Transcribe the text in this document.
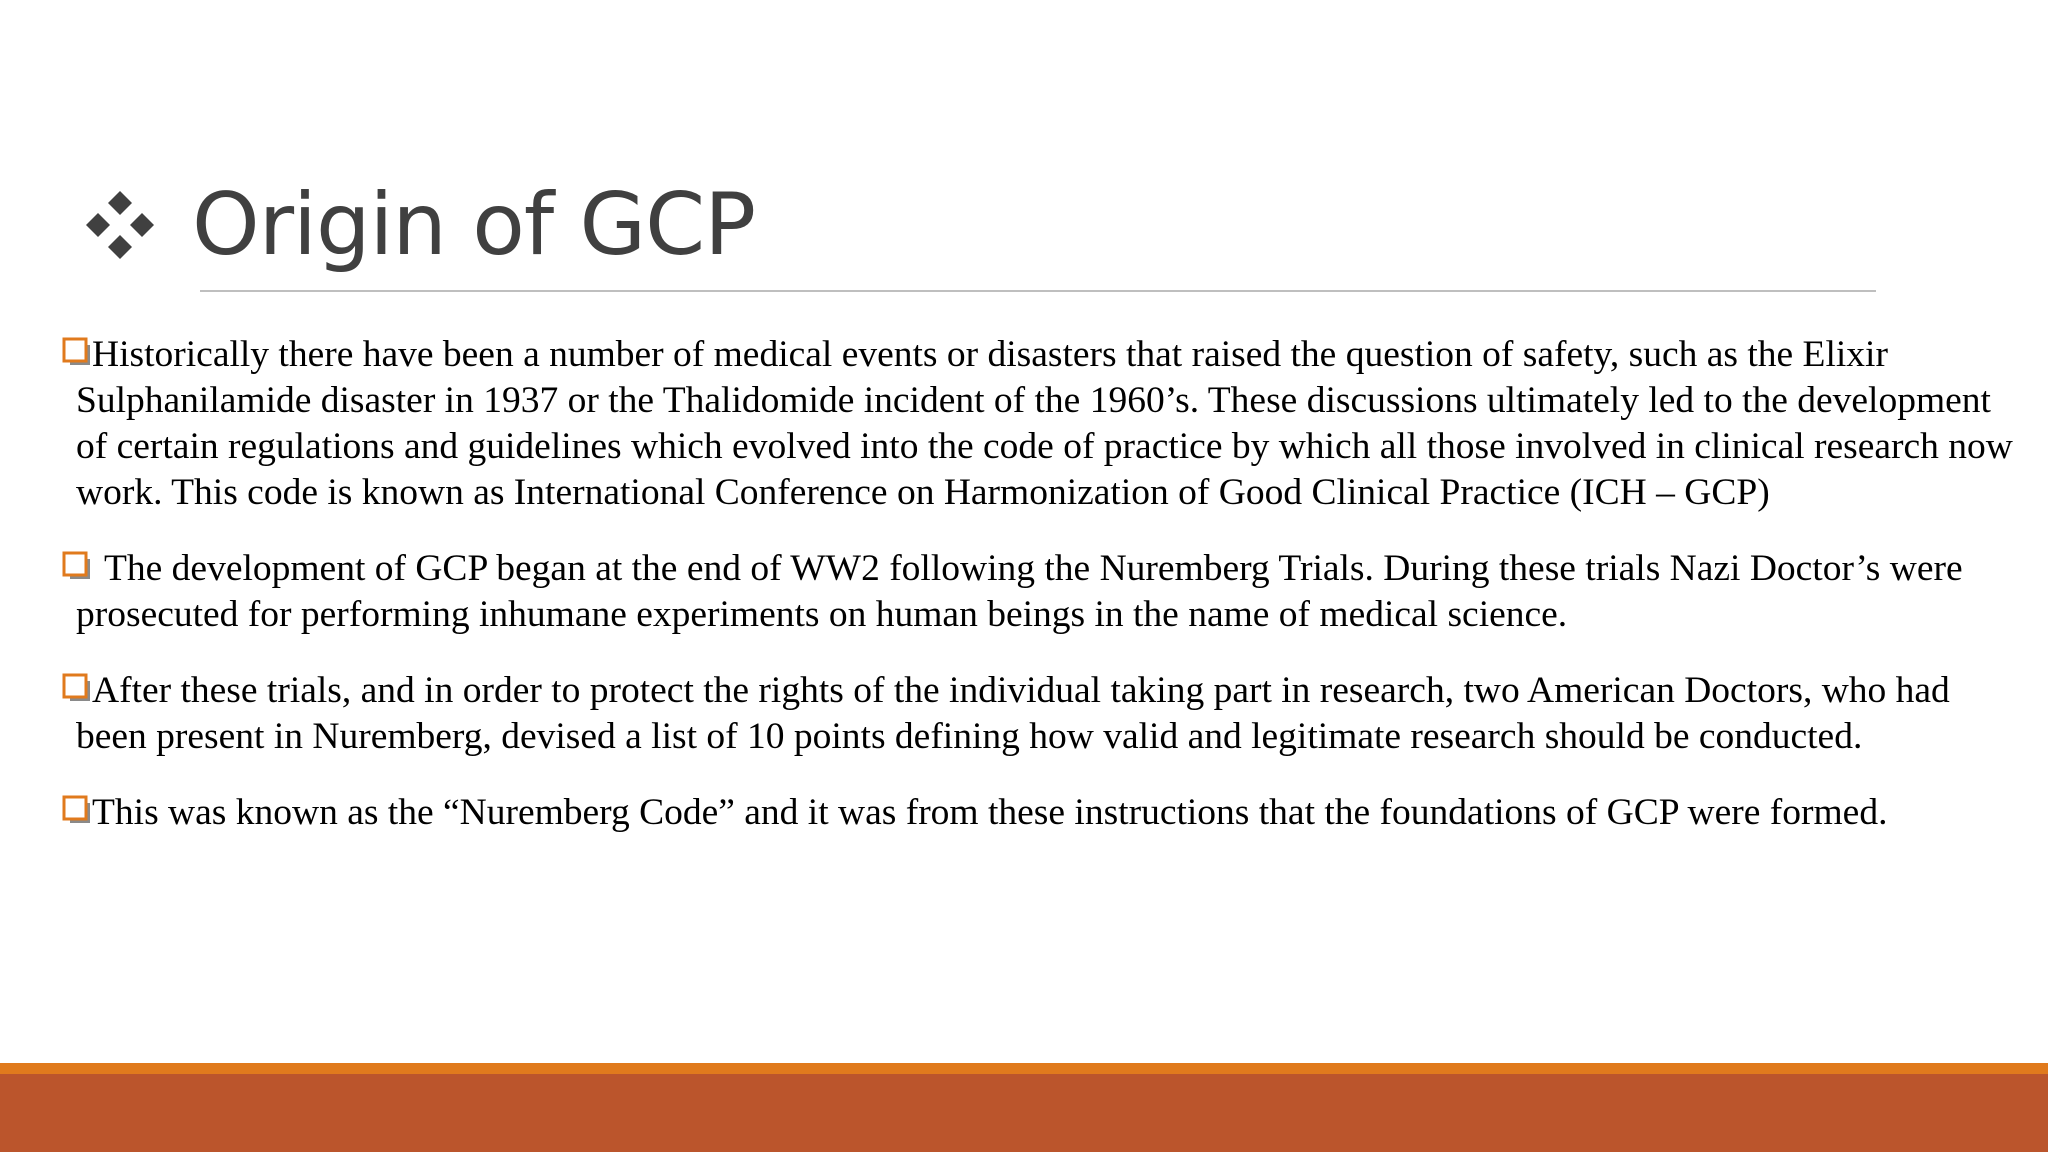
Origin of GCP
Historically there have been a number of medical events or disasters that raised the question of safety, such as the Elixir Sulphanilamide disaster in 1937 or the Thalidomide incident of the 1960’s. These discussions ultimately led to the development of certain regulations and guidelines which evolved into the code of practice by which all those involved in clinical research now work. This code is known as International Conference on Harmonization of Good Clinical Practice (ICH – GCP)
The development of GCP began at the end of WW2 following the Nuremberg Trials. During these trials Nazi Doctor’s were prosecuted for performing inhumane experiments on human beings in the name of medical science.
After these trials, and in order to protect the rights of the individual taking part in research, two American Doctors, who had been present in Nuremberg, devised a list of 10 points defining how valid and legitimate research should be conducted.
This was known as the “Nuremberg Code” and it was from these instructions that the foundations of GCP were formed.
